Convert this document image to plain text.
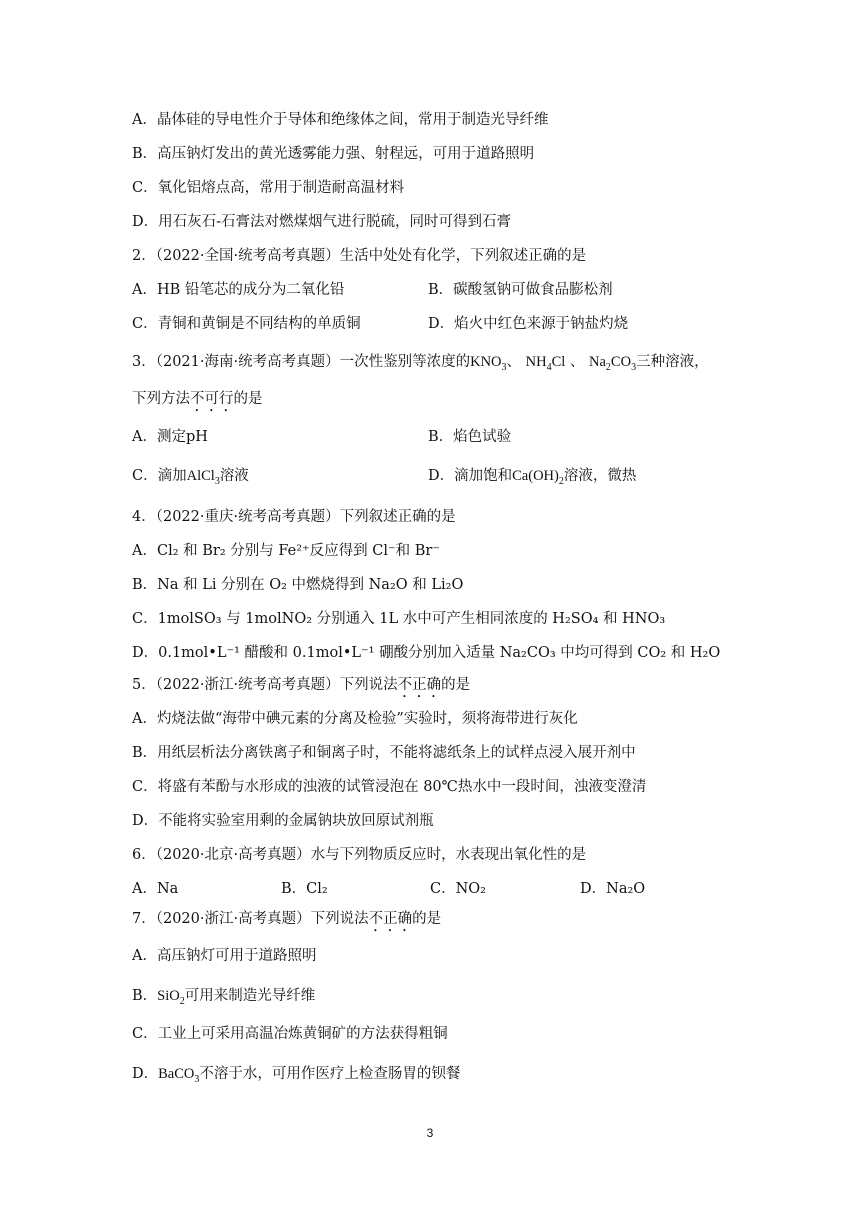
A．晶体硅的导电性介于导体和绝缘体之间，常用于制造光导纤维
B．高压钠灯发出的黄光透雾能力强、射程远，可用于道路照明
C．氧化铝熔点高，常用于制造耐高温材料
D．用石灰石-石膏法对燃煤烟气进行脱硫，同时可得到石膏
2．（2022·全国·统考高考真题）生活中处处有化学，下列叙述正确的是
A．HB 铅笔芯的成分为二氧化铅	B．碳酸氢钠可做食品膨松剂
C．青铜和黄铜是不同结构的单质铜	D．焰火中红色来源于钠盐灼烧
3．（2021·海南·统考高考真题）一次性鉴别等浓度的$KNO_3$、 $NH_4Cl$ 、 $Na_2CO_3$三种溶液，
下列方法不可行的是
A．测定pH	B．焰色试验
C．滴加AlCl$_3$溶液	D．滴加饱和$Ca(OH)_2$溶液，微热
4．（2022·重庆·统考高考真题）下列叙述正确的是
A．Cl₂ 和 Br₂ 分别与 Fe²⁺反应得到 Cl⁻和 Br⁻
B．Na 和 Li 分别在 O₂ 中燃烧得到 Na₂O 和 Li₂O
C．1molSO₃ 与 1molNO₂ 分别通入 1L 水中可产生相同浓度的 H₂SO₄ 和 HNO₃
D．0.1mol•L⁻¹ 醋酸和 0.1mol•L⁻¹ 硼酸分别加入适量 Na₂CO₃ 中均可得到 CO₂ 和 H₂O
5．（2022·浙江·统考高考真题）下列说法不正确的是
A．灼烧法做“海带中碘元素的分离及检验”实验时，须将海带进行灰化
B．用纸层析法分离铁离子和铜离子时，不能将滤纸条上的试样点浸入展开剂中
C．将盛有苯酚与水形成的浊液的试管浸泡在 80℃热水中一段时间，浊液变澄清
D．不能将实验室用剩的金属钠块放回原试剂瓶
6．（2020·北京·高考真题）水与下列物质反应时，水表现出氧化性的是
A．Na	B．Cl₂	C．NO₂	D．Na₂O
7．（2020·浙江·高考真题）下列说法不正确的是
A．高压钠灯可用于道路照明
B．SiO$_2$可用来制造光导纤维
C．工业上可采用高温冶炼黄铜矿的方法获得粗铜
D．BaCO$_3$不溶于水，可用作医疗上检查肠胃的钡餐
3
